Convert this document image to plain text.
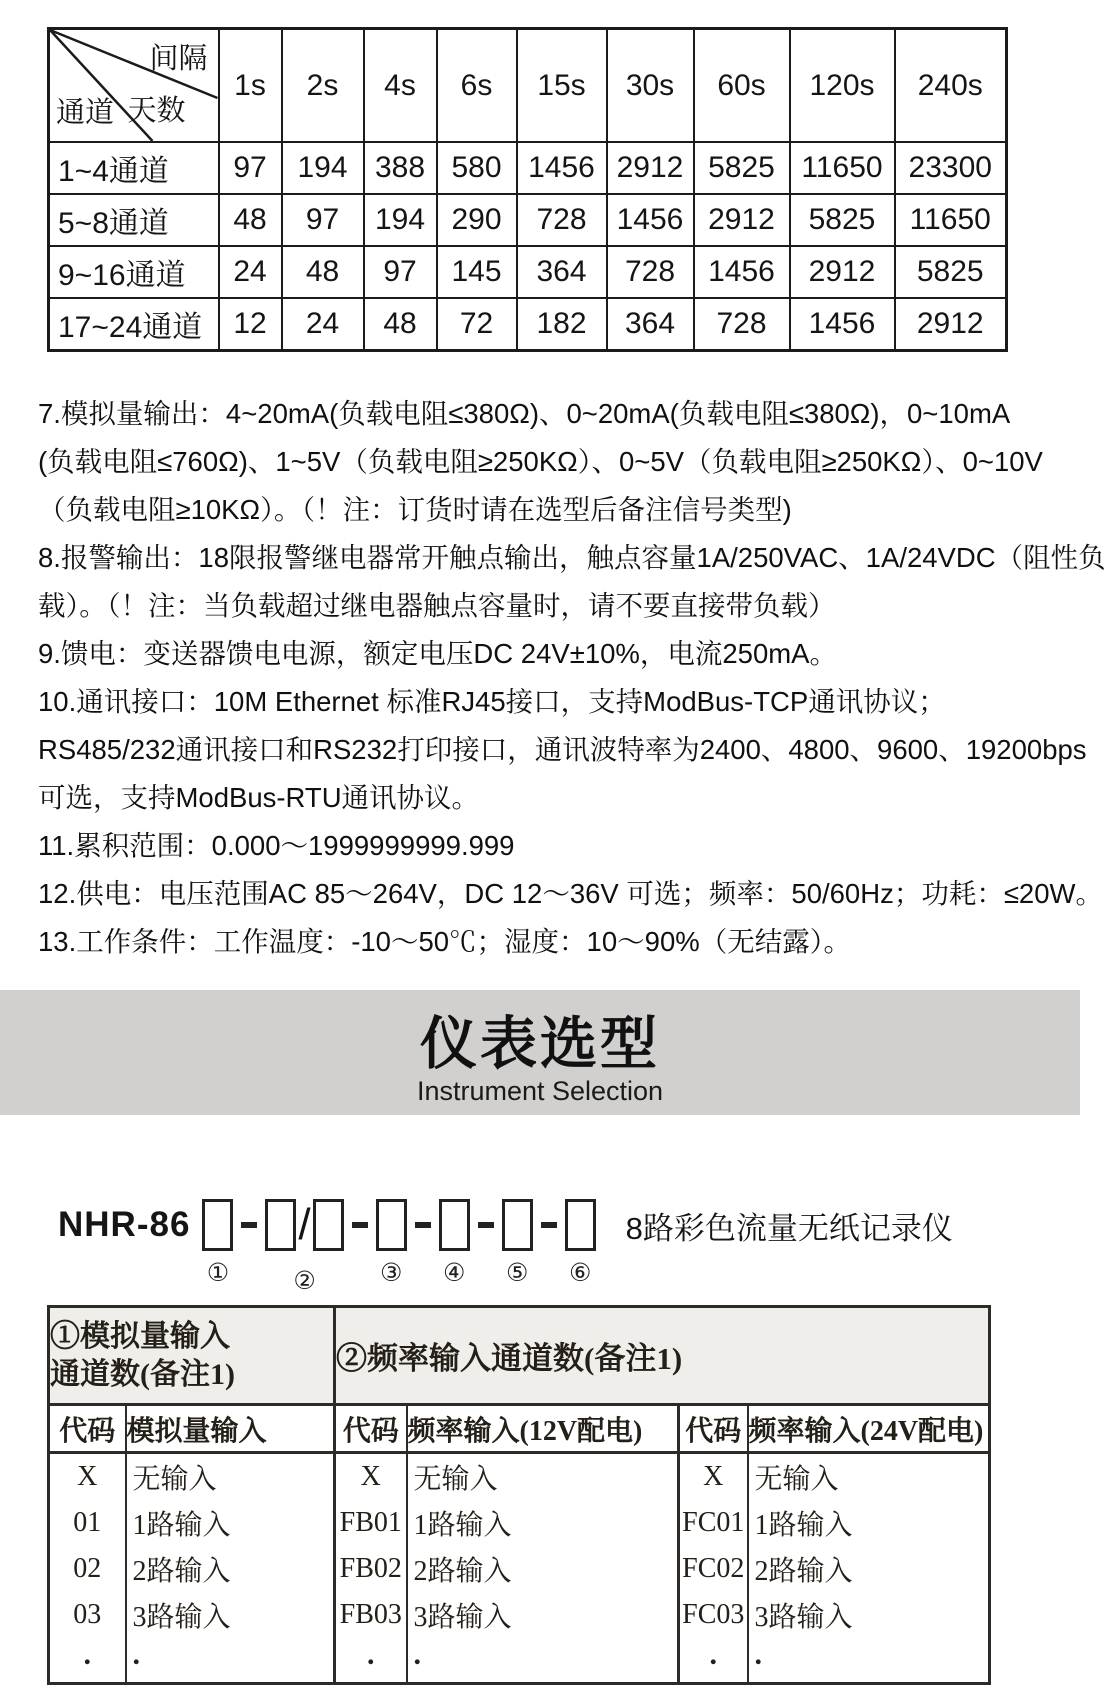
间隔
天数
通道	1s	2s	4s	6s	15s	30s	60s	120s	240s
1~4通道	97	194	388	580	1456	2912	5825	11650	23300
5~8通道	48	97	194	290	728	1456	2912	5825	11650
9~16通道	24	48	97	145	364	728	1456	2912	5825
17~24通道	12	24	48	72	182	364	728	1456	2912
7.模拟量输出：4~20mA(负载电阻≤380Ω)、0~20mA(负载电阻≤380Ω)，0~10mA
(负载电阻≤760Ω)、1~5V（负载电阻≥250KΩ）、0~5V（负载电阻≥250KΩ）、0~10V
（负载电阻≥10KΩ）。（！注：订货时请在选型后备注信号类型)
8.报警输出：18限报警继电器常开触点输出，触点容量1A/250VAC、1A/24VDC（阻性负
载）。（！注：当负载超过继电器触点容量时，请不要直接带负载）
9.馈电：变送器馈电电源，额定电压DC 24V±10%，电流250mA。
10.通讯接口：10M Ethernet 标准RJ45接口，支持ModBus-TCP通讯协议；
RS485/232通讯接口和RS232打印接口，通讯波特率为2400、4800、9600、19200bps
可选，支持ModBus-RTU通讯协议。
11.累积范围：0.000～1999999999.999
12.供电：电压范围AC 85～264V，DC 12～36V 可选；频率：50/60Hz；功耗：≤20W。
13.工作条件：工作温度：-10～50℃；湿度：10～90%（无结露）。
仪表选型
Instrument Selection
NHR-86
①
/
②	③ ④ ⑤ ⑥
8路彩色流量无纸记录仪
①模拟量输入
通道数(备注1)		②频率输入通道数(备注1)			
代码	模拟量输入	代码	频率输入(12V配电)	代码	频率输入(24V配电)
X	无输入	X	无输入	X	无输入
01	1路输入	FB01	1路输入	FC01	1路输入
02	2路输入	FB02	2路输入	FC02	2路输入
03	3路输入	FB03	3路输入	FC03	3路输入
.	.	.	.	.	.
